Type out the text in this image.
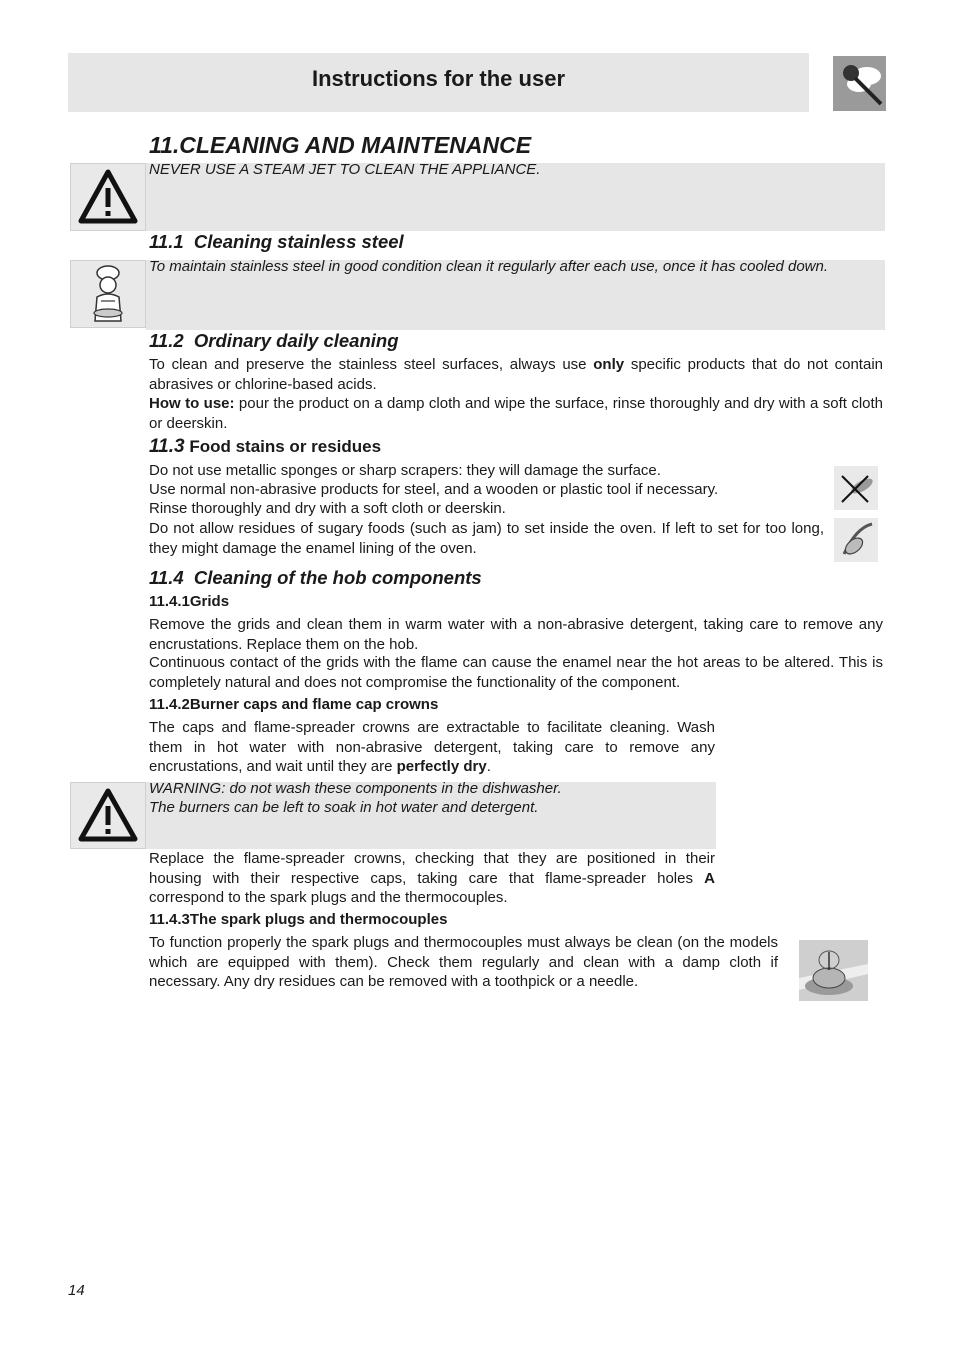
Instructions for the user
11.CLEANING AND MAINTENANCE
NEVER USE A STEAM JET TO CLEAN THE APPLIANCE.
11.1 Cleaning stainless steel
To maintain stainless steel in good condition clean it regularly after each use, once it has cooled down.
11.2 Ordinary daily cleaning
To clean and preserve the stainless steel surfaces, always use only specific products that do not contain abrasives or chlorine-based acids.
How to use: pour the product on a damp cloth and wipe the surface, rinse thoroughly and dry with a soft cloth or deerskin.
11.3 Food stains or residues
Do not use metallic sponges or sharp scrapers: they will damage the surface.
Use normal non-abrasive products for steel, and a wooden or plastic tool if necessary.
Rinse thoroughly and dry with a soft cloth or deerskin.
Do not allow residues of sugary foods (such as jam) to set inside the oven. If left to set for too long, they might damage the enamel lining of the oven.
11.4 Cleaning of the hob components
11.4.1Grids
Remove the grids and clean them in warm water with a non-abrasive detergent, taking care to remove any encrustations. Replace them on the hob.
Continuous contact of the grids with the flame can cause the enamel near the hot areas to be altered. This is completely natural and does not compromise the functionality of the component.
11.4.2Burner caps and flame cap crowns
The caps and flame-spreader crowns are extractable to facilitate cleaning. Wash them in hot water with non-abrasive detergent, taking care to remove any encrustations, and wait until they are perfectly dry.
WARNING: do not wash these components in the dishwasher.
The burners can be left to soak in hot water and detergent.
Replace the flame-spreader crowns, checking that they are positioned in their housing with their respective caps, taking care that flame-spreader holes A correspond to the spark plugs and the thermocouples.
11.4.3The spark plugs and thermocouples
To function properly the spark plugs and thermocouples must always be clean (on the models which are equipped with them). Check them regularly and clean with a damp cloth if necessary. Any dry residues can be removed with a toothpick or a needle.
14
